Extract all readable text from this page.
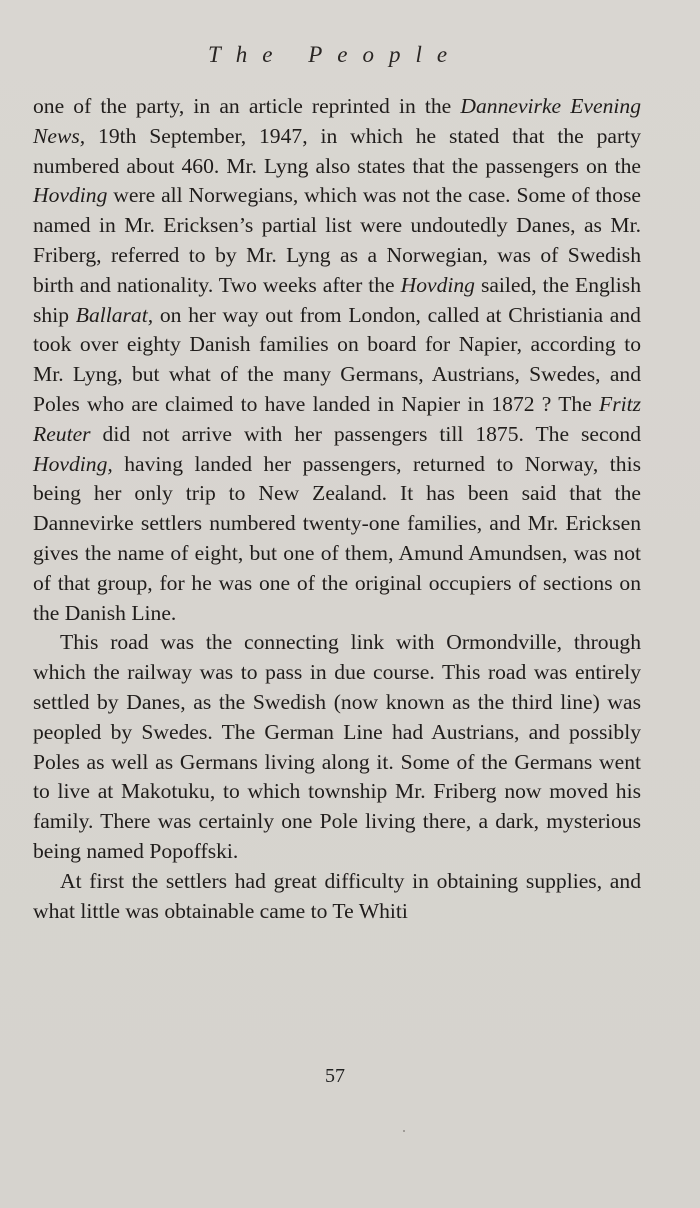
The People

one of the party, in an article reprinted in the Dannevirke Evening News, 19th September, 1947, in which he stated that the party numbered about 460. Mr. Lyng also states that the passengers on the Hovding were all Norwegians, which was not the case. Some of those named in Mr. Ericksen’s partial list were undoutedly Danes, as Mr. Friberg, referred to by Mr. Lyng as a Norwegian, was of Swedish birth and nationality. Two weeks after the Hovding sailed, the English ship Ballarat, on her way out from London, called at Christiania and took over eighty Danish families on board for Napier, according to Mr. Lyng, but what of the many Germans, Austrians, Swedes, and Poles who are claimed to have landed in Napier in 1872 ? The Fritz Reuter did not arrive with her passengers till 1875. The second Hovding, having landed her passengers, returned to Norway, this being her only trip to New Zealand. It has been said that the Dannevirke settlers numbered twenty-one families, and Mr. Ericksen gives the name of eight, but one of them, Amund Amundsen, was not of that group, for he was one of the original occupiers of sections on the Danish Line.

This road was the connecting link with Ormondville, through which the railway was to pass in due course. This road was entirely settled by Danes, as the Swedish (now known as the third line) was peopled by Swedes. The German Line had Austrians, and possibly Poles as well as Germans living along it. Some of the Germans went to live at Makotuku, to which township Mr. Friberg now moved his family. There was certainly one Pole living there, a dark, mysterious being named Popoffski.

At first the settlers had great difficulty in obtaining supplies, and what little was obtainable came to Te Whiti

57
